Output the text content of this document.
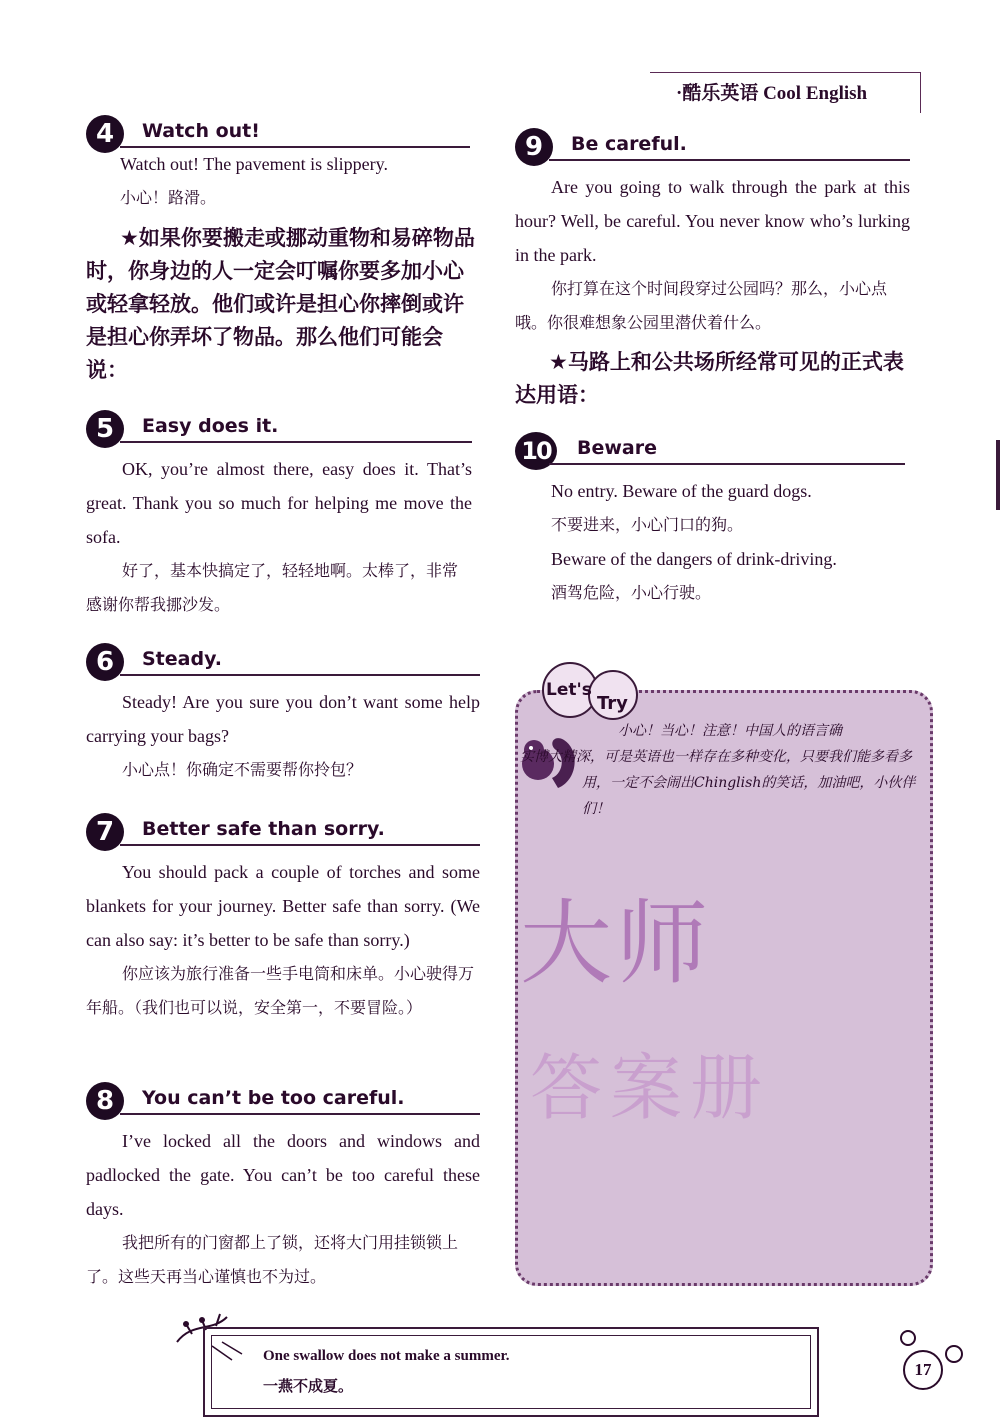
·酷乐英语 Cool English
4	Watch out!

Watch out! The pavement is slippery.

小心！路滑。

★如果你要搬走或挪动重物和易碎物品时，你身边的人一定会叮嘱你要多加小心或轻拿轻放。他们或许是担心你摔倒或许是担心你弄坏了物品。那么他们可能会说：

5	Easy does it.

OK, you’re almost there, easy does it. That’s great. Thank you so much for helping me move the sofa.

好了，基本快搞定了，轻轻地啊。太棒了，非常感谢你帮我挪沙发。

6	Steady.

Steady! Are you sure you don’t want some help carrying your bags?

小心点！你确定不需要帮你拎包？

7	Better safe than sorry.

You should pack a couple of torches and some blankets for your journey. Better safe than sorry. (We can also say: it’s better to be safe than sorry.)

你应该为旅行准备一些手电筒和床单。小心驶得万年船。（我们也可以说，安全第一，不要冒险。）

8	You can’t be too careful.

I’ve locked all the doors and windows and padlocked the gate. You can’t be too careful these days.

我把所有的门窗都上了锁，还将大门用挂锁锁上了。这些天再当心谨慎也不为过。

9	Be careful.

Are you going to walk through the park at this hour? Well, be careful. You never know who’s lurking in the park.

你打算在这个时间段穿过公园吗？那么，小心点哦。你很难想象公园里潜伏着什么。

★马路上和公共场所经常可见的正式表达用语：

10	Beware

No entry. Beware of the guard dogs.

不要进来，小心门口的狗。

Beware of the dangers of drink-driving.

酒驾危险，小心行驶。

大师
答案册
Let's
Try
小心！当心！注意！中国人的语言确
实博大精深，可是英语也一样存在多种变化，只要我们能多看多用，一定不会闹出Chinglish的笑话，加油吧，小伙伴们！
One swallow does not make a summer.
一燕不成夏。
17
